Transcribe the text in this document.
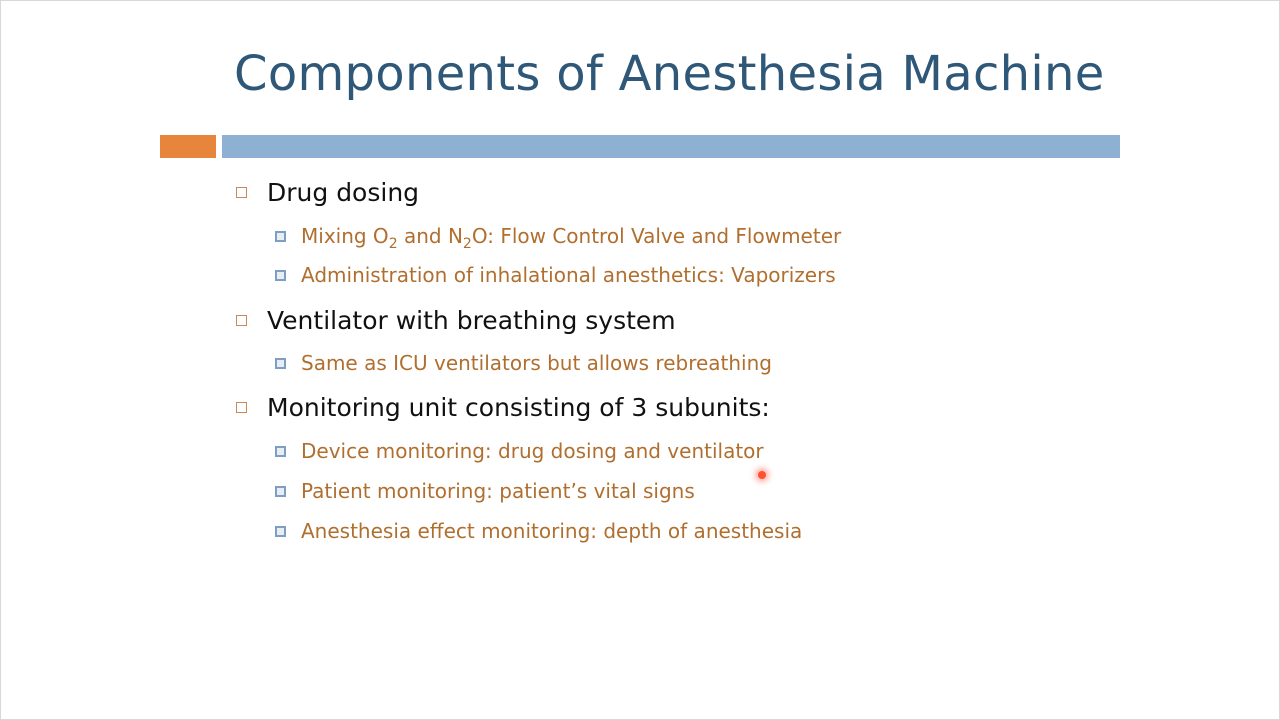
Components of Anesthesia Machine
Drug dosing
Mixing $O_2$ and $N_2O$: Flow Control Valve and Flowmeter
Administration of inhalational anesthetics: Vaporizers
Ventilator with breathing system
Same as ICU ventilators but allows rebreathing
Monitoring unit consisting of 3 subunits:
Device monitoring: drug dosing and ventilator
Patient monitoring: patient’s vital signs
Anesthesia effect monitoring: depth of anesthesia
